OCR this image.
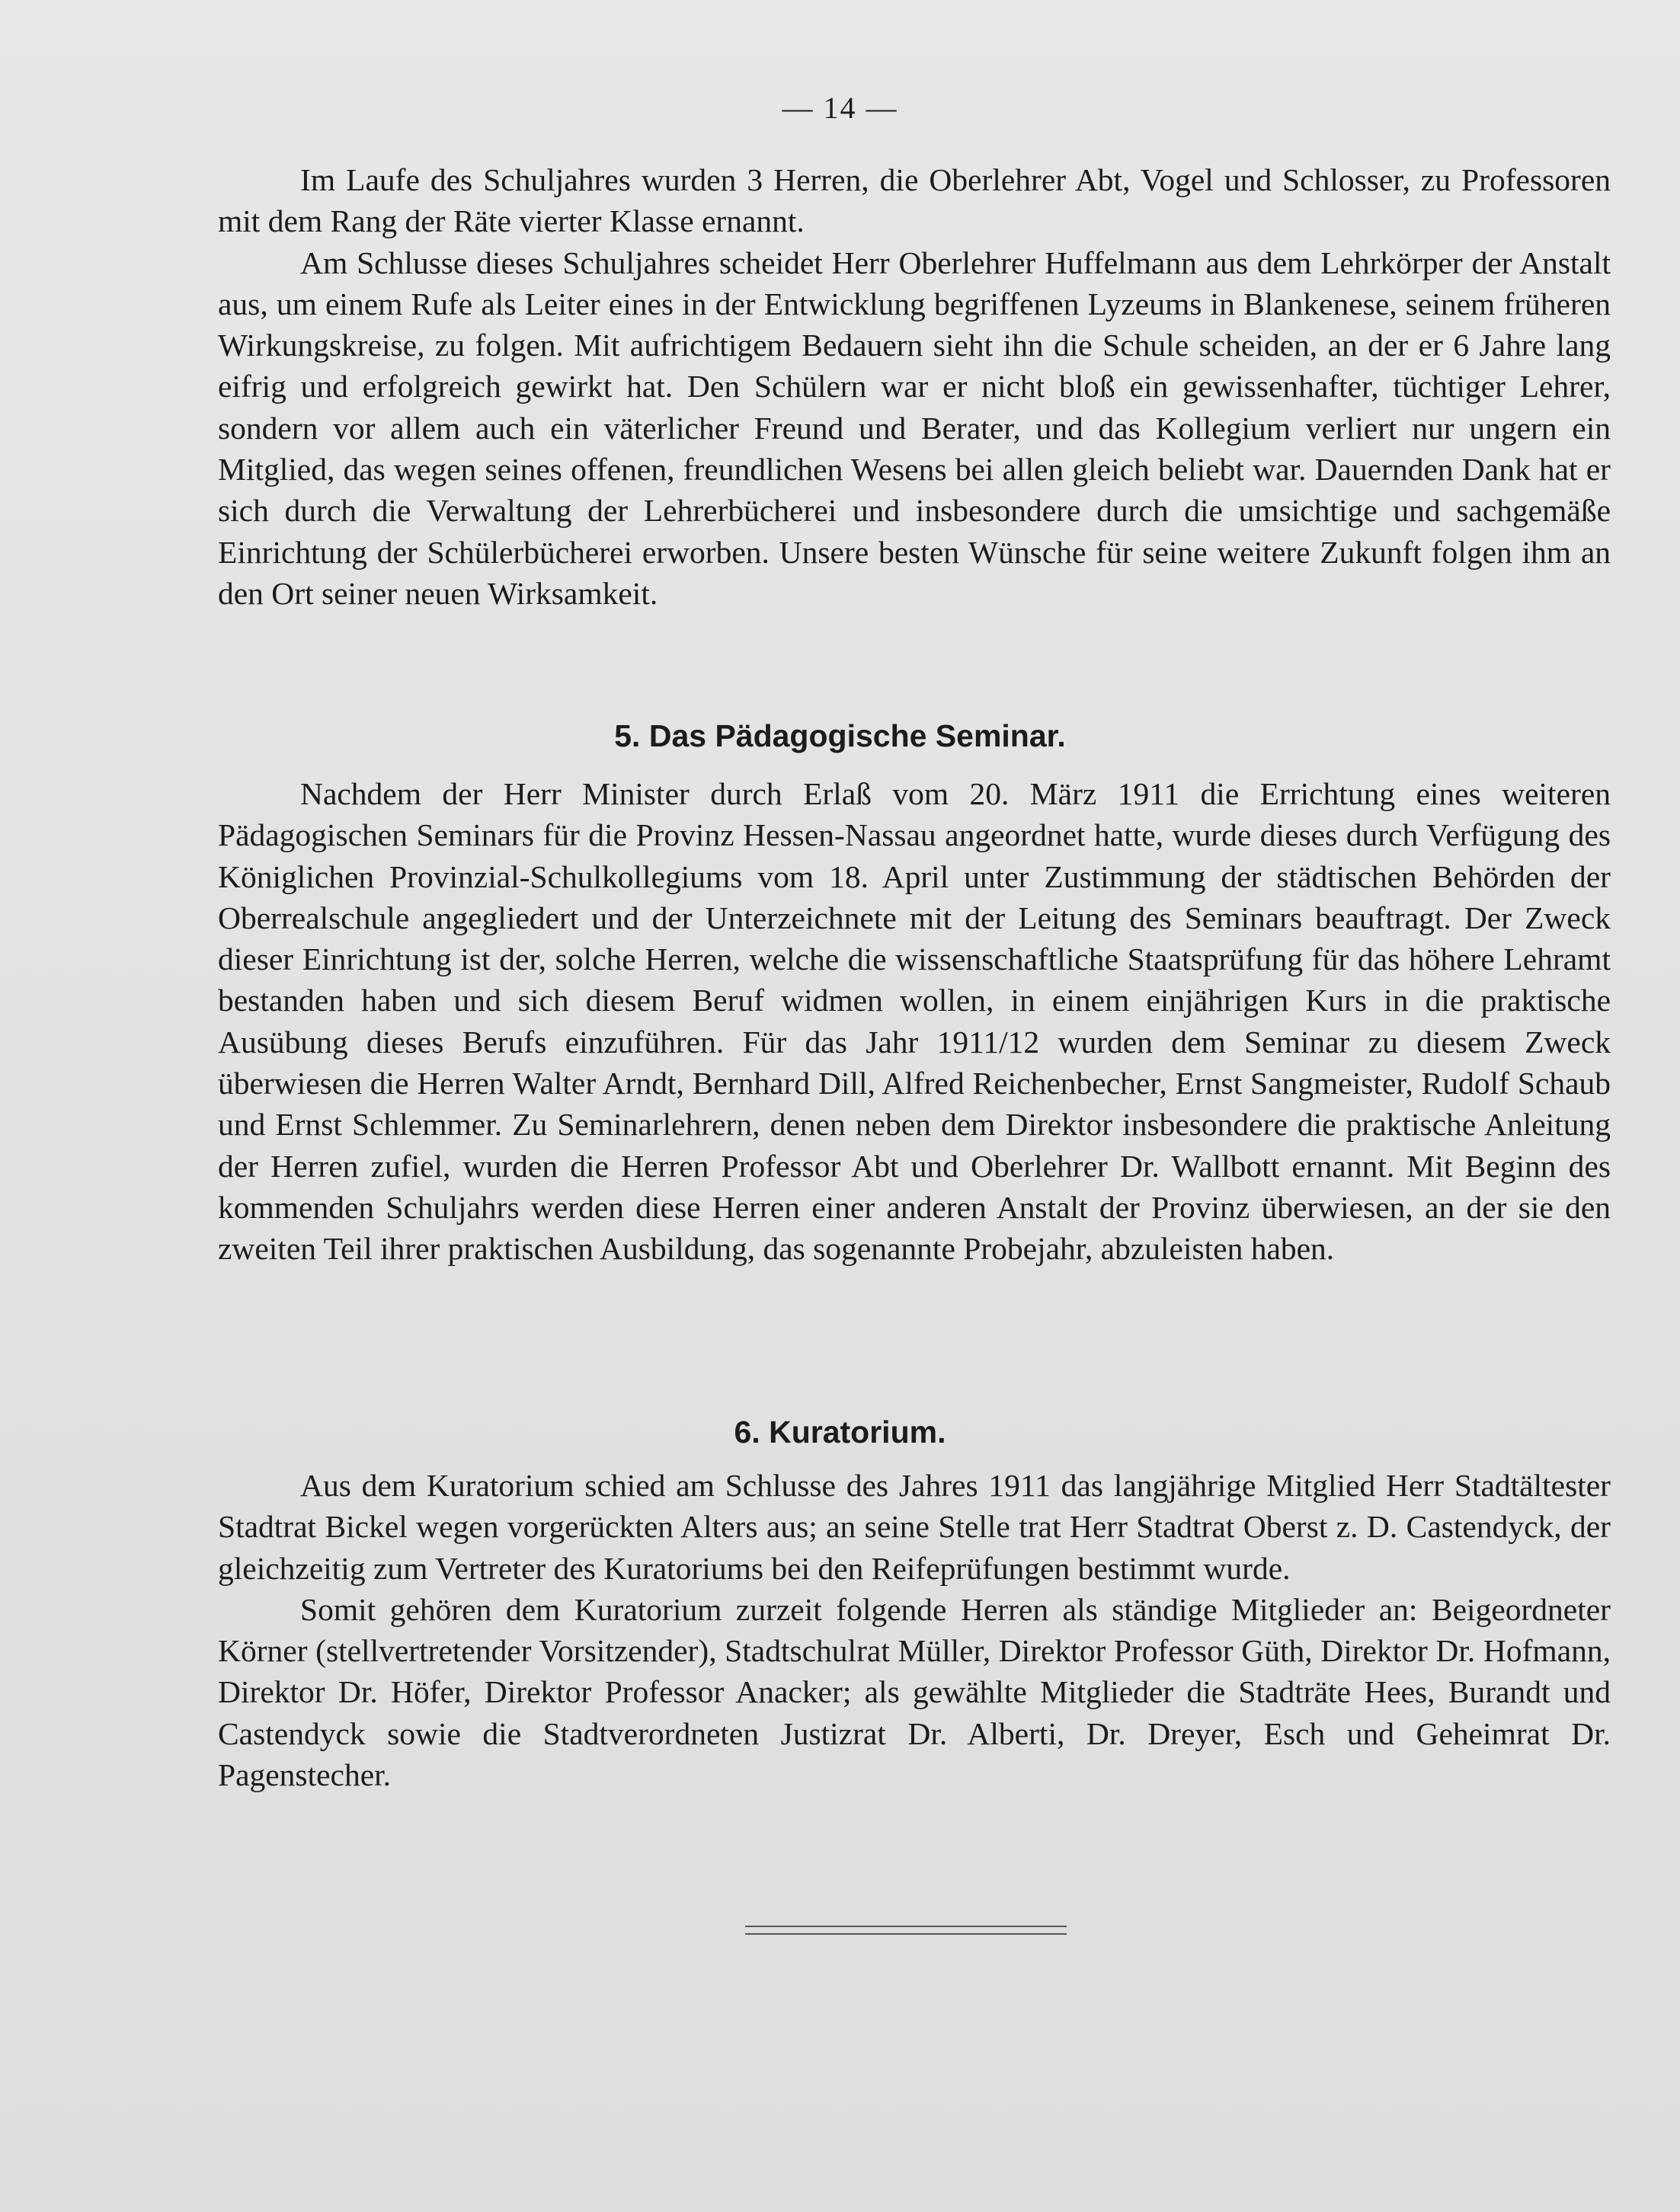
— 14 —

Im Laufe des Schuljahres wurden 3 Herren, die Oberlehrer Abt, Vogel und Schlosser, zu Professoren mit dem Rang der Räte vierter Klasse ernannt.

Am Schlusse dieses Schuljahres scheidet Herr Oberlehrer Huffelmann aus dem Lehrkörper der Anstalt aus, um einem Rufe als Leiter eines in der Entwicklung begriffenen Lyzeums in Blankenese, seinem früheren Wirkungskreise, zu folgen. Mit aufrichtigem Bedauern sieht ihn die Schule scheiden, an der er 6 Jahre lang eifrig und erfolgreich gewirkt hat. Den Schülern war er nicht bloß ein gewissenhafter, tüchtiger Lehrer, sondern vor allem auch ein väterlicher Freund und Berater, und das Kollegium verliert nur ungern ein Mitglied, das wegen seines offenen, freundlichen Wesens bei allen gleich beliebt war. Dauernden Dank hat er sich durch die Verwaltung der Lehrerbücherei und insbesondere durch die umsichtige und sachgemäße Einrichtung der Schülerbücherei erworben. Unsere besten Wünsche für seine weitere Zukunft folgen ihm an den Ort seiner neuen Wirksamkeit.

5. Das Pädagogische Seminar.

Nachdem der Herr Minister durch Erlaß vom 20. März 1911 die Errichtung eines weiteren Pädagogischen Seminars für die Provinz Hessen-Nassau angeordnet hatte, wurde dieses durch Verfügung des Königlichen Provinzial-Schulkollegiums vom 18. April unter Zustimmung der städtischen Behörden der Oberrealschule angegliedert und der Unterzeichnete mit der Leitung des Seminars beauftragt. Der Zweck dieser Einrichtung ist der, solche Herren, welche die wissenschaftliche Staatsprüfung für das höhere Lehramt bestanden haben und sich diesem Beruf widmen wollen, in einem einjährigen Kurs in die praktische Ausübung dieses Berufs einzuführen. Für das Jahr 1911/12 wurden dem Seminar zu diesem Zweck überwiesen die Herren Walter Arndt, Bernhard Dill, Alfred Reichenbecher, Ernst Sangmeister, Rudolf Schaub und Ernst Schlemmer. Zu Seminarlehrern, denen neben dem Direktor insbesondere die praktische Anleitung der Herren zufiel, wurden die Herren Professor Abt und Oberlehrer Dr. Wallbott ernannt. Mit Beginn des kommenden Schuljahrs werden diese Herren einer anderen Anstalt der Provinz überwiesen, an der sie den zweiten Teil ihrer praktischen Ausbildung, das sogenannte Probejahr, abzuleisten haben.

6. Kuratorium.

Aus dem Kuratorium schied am Schlusse des Jahres 1911 das langjährige Mitglied Herr Stadtältester Stadtrat Bickel wegen vorgerückten Alters aus; an seine Stelle trat Herr Stadtrat Oberst z. D. Castendyck, der gleichzeitig zum Vertreter des Kuratoriums bei den Reifeprüfungen bestimmt wurde.

Somit gehören dem Kuratorium zurzeit folgende Herren als ständige Mitglieder an: Beigeordneter Körner (stellvertretender Vorsitzender), Stadtschulrat Müller, Direktor Professor Güth, Direktor Dr. Hofmann, Direktor Dr. Höfer, Direktor Professor Anacker; als gewählte Mitglieder die Stadträte Hees, Burandt und Castendyck sowie die Stadtverordneten Justizrat Dr. Alberti, Dr. Dreyer, Esch und Geheimrat Dr. Pagenstecher.
